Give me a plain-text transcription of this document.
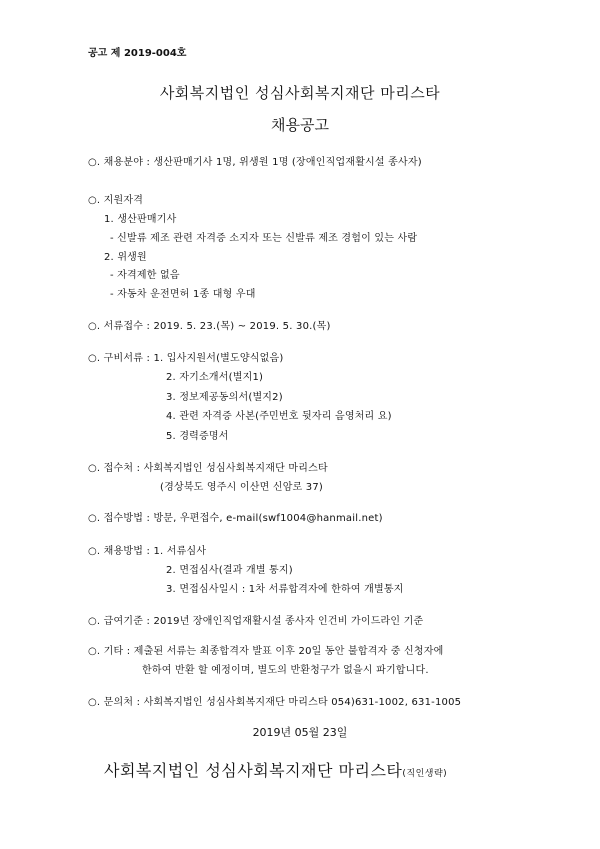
공고 제 2019-004호
사회복지법인 성심사회복지재단 마리스타
채용공고
○. 채용분야 : 생산판매기사 1명, 위생원 1명 (장애인직업재활시설 종사자)
○. 지원자격
1. 생산판매기사
- 신발류 제조 관련 자격증 소지자 또는 신발류 제조 경험이 있는 사람
2. 위생원
- 자격제한 없음
- 자동차 운전면허 1종 대형 우대
○. 서류접수 : 2019. 5. 23.(목) ~ 2019. 5. 30.(목)
○. 구비서류 : 1. 입사지원서(별도양식없음)
2. 자기소개서(별지1)
3. 정보제공동의서(별지2)
4. 관련 자격증 사본(주민번호 뒷자리 음영처리 요)
5. 경력증명서
○. 접수처 : 사회복지법인 성심사회복지재단 마리스타
(경상북도 영주시 이산면 신암로 37)
○. 접수방법 : 방문, 우편접수, e-mail(swf1004@hanmail.net)
○. 채용방법 : 1. 서류심사
2. 면접심사(결과 개별 통지)
3. 면접심사일시 : 1차 서류합격자에 한하여 개별통지
○. 급여기준 : 2019년 장애인직업재활시설 종사자 인건비 가이드라인 기준
○. 기타 : 제출된 서류는 최종합격자 발표 이후 20일 동안 불합격자 중 신청자에
한하여 반환 할 예정이며, 별도의 반환청구가 없을시 파기합니다.
○. 문의처 : 사회복지법인 성심사회복지재단 마리스타 054)631-1002, 631-1005
2019년 05월 23일
사회복지법인 성심사회복지재단 마리스타(직인생략)
